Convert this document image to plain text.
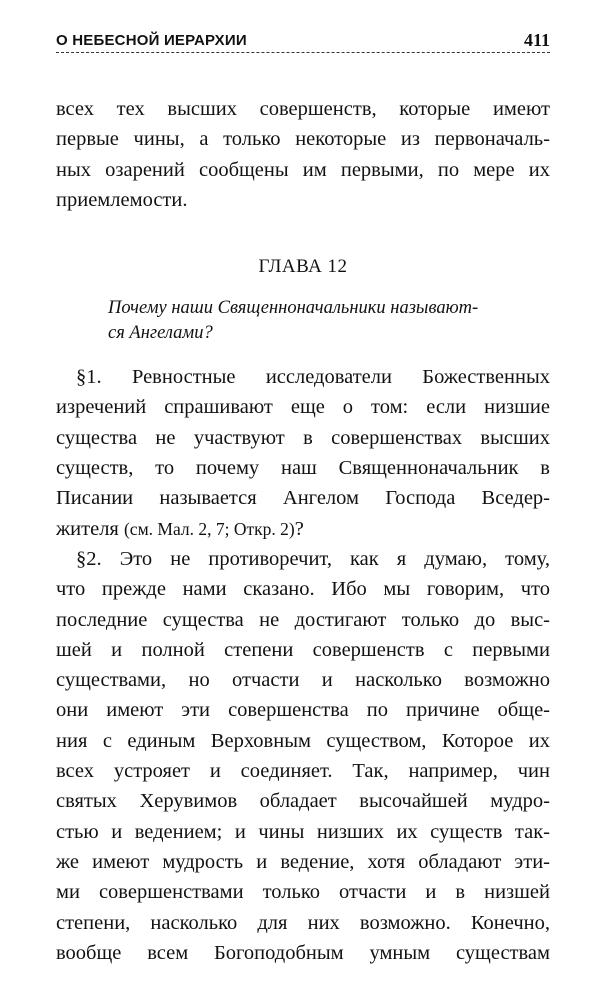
О НЕБЕСНОЙ ИЕРАРХИИ	411
всех тех высших совершенств, которые имеют
первые чины, а только некоторые из первоначаль-
ных озарений сообщены им первыми, по мере их
приемлемости.
ГЛАВА 12
Почему наши Священноначальники называют-
ся Ангелами?
§1. Ревностные исследователи Божественных
изречений спрашивают еще о том: если низшие
существа не участвуют в совершенствах высших
существ, то почему наш Священноначальник в
Писании называется Ангелом Господа Вседер-
жителя (см. Мал. 2, 7; Откр. 2)?
§2. Это не противоречит, как я думаю, тому,
что прежде нами сказано. Ибо мы говорим, что
последние существа не достигают только до выс-
шей и полной степени совершенств с первыми
существами, но отчасти и насколько возможно
они имеют эти совершенства по причине обще-
ния с единым Верховным существом, Которое их
всех устрояет и соединяет. Так, например, чин
святых Херувимов обладает высочайшей мудро-
стью и ведением; и чины низших их существ так-
же имеют мудрость и ведение, хотя обладают эти-
ми совершенствами только отчасти и в низшей
степени, насколько для них возможно. Конечно,
вообще всем Богоподобным умным существам
